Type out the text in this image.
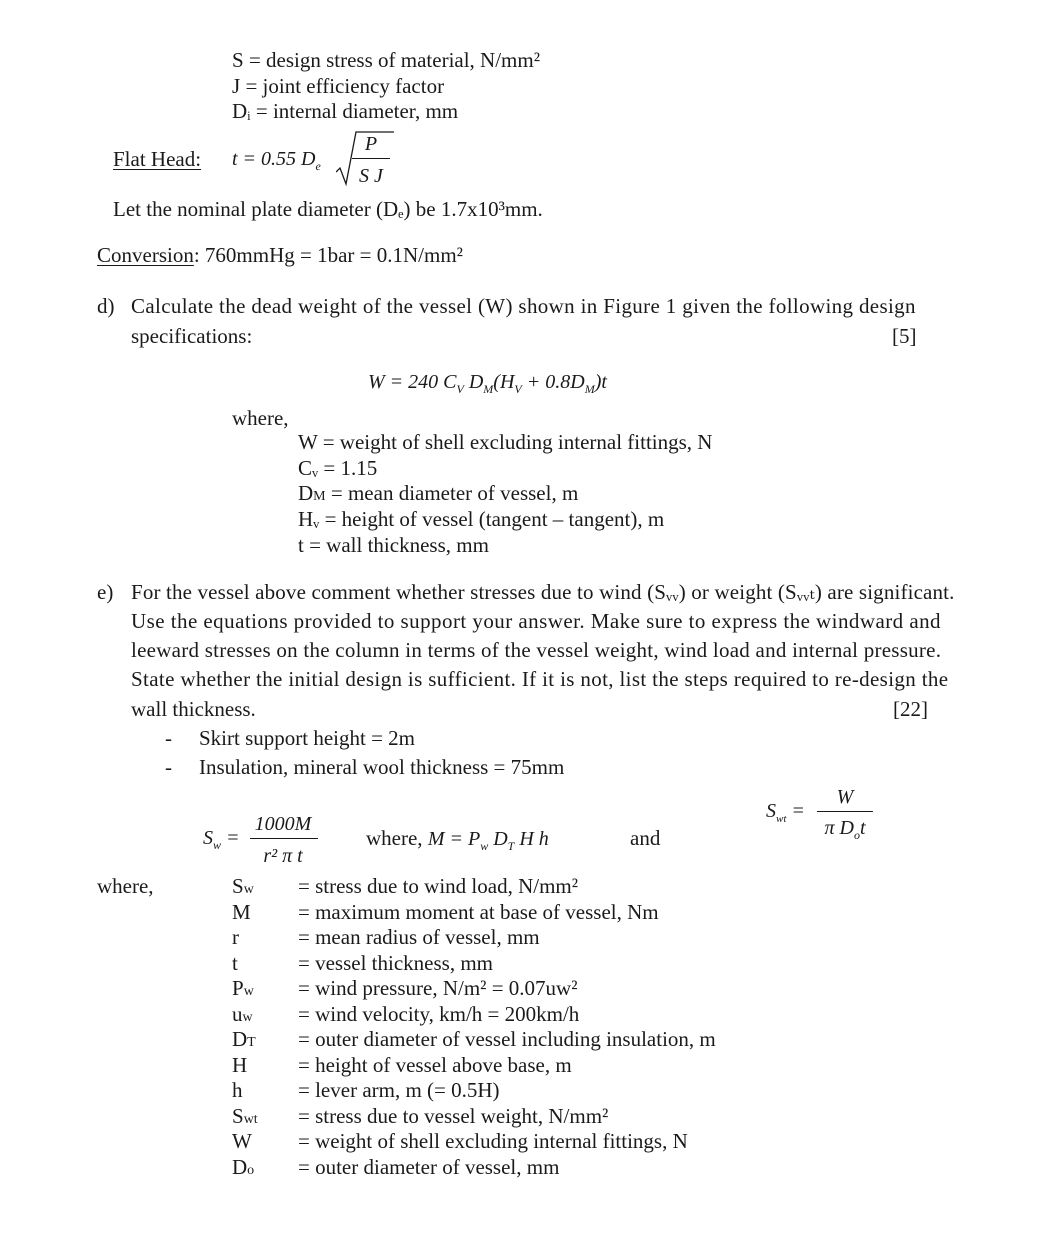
S = design stress of material, N/mm²
J = joint efficiency factor
Dᵢ = internal diameter, mm
Flat Head: t = 0.55 $D_e$
P
S J
Let the nominal plate diameter (Dₑ) be 1.7x10³mm.
Conversion: 760mmHg = 1bar = 0.1N/mm²
d) Calculate the dead weight of the vessel (W) shown in Figure 1 given the following design
specifications:	[5]
W = 240 $C_V$ $D_M(H_V + 0.8D_M)t$
where,
W = weight of shell excluding internal fittings, N
Cᵥ = 1.15
DM = mean diameter of vessel, m
Hᵥ = height of vessel (tangent – tangent), m
t = wall thickness, mm
e) For the vessel above comment whether stresses due to wind (Sᵥᵥ) or weight (Sᵥᵥₜ) are significant.
Use the equations provided to support your answer. Make sure to express the windward and
leeward stresses on the column in terms of the vessel weight, wind load and internal pressure.
State whether the initial design is sufficient. If it is not, list the steps required to re-design the
wall thickness.	[22]
- Skirt support height = 2m
- Insulation, mineral wool thickness = 75mm
$S_w$ =
1000M
r² π t
where, $M = P_w$ $D_T$ H h	and
$S_{wt}$ =
W
π $D_ot$
where,	Sw = stress due to wind load, N/mm²
M = maximum moment at base of vessel, Nm
r	= mean radius of vessel, mm
t	= vessel thickness, mm
Pw = wind pressure, N/m² = 0.07uw²
uw = wind velocity, km/h = 200km/h
DT = outer diameter of vessel including insulation, m
H = height of vessel above base, m
h	= lever arm, m (= 0.5H)
Swt = stress due to vessel weight, N/mm²
W = weight of shell excluding internal fittings, N
Do = outer diameter of vessel, mm
